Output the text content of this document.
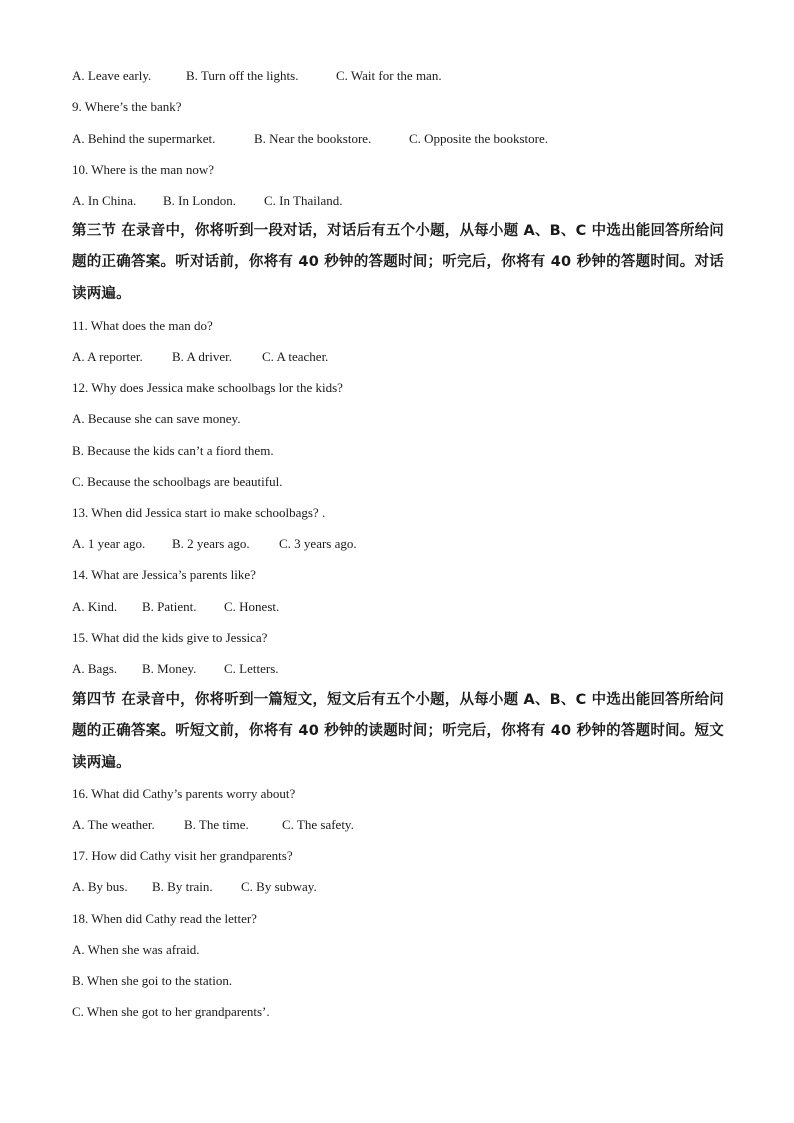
A. Leave early.	B. Turn off the lights.	C. Wait for the man.
9. Where’s the bank?
A. Behind the supermarket.	B. Near the bookstore.	C. Opposite the bookstore.
10. Where is the man now?
A. In China. B. In London. C. In Thailand.
第三节 在录音中，你将听到一段对话，对话后有五个小题，从每小题 A、B、C 中选出能回答所给问题的正确答案。听对话前，你将有 40 秒钟的答题时间；听完后，你将有 40 秒钟的答题时间。对话读两遍。
11. What does the man do?
A. A reporter. B. A driver. C. A teacher.
12. Why does Jessica make schoolbags lor the kids?
A. Because she can save money.
B. Because the kids can’t a fiord them.
C. Because the schoolbags are beautiful.
13. When did Jessica start io make schoolbags? .
A. 1 year ago. B. 2 years ago. C. 3 years ago.
14. What are Jessica’s parents like?
A. Kind. B. Patient. C. Honest.
15. What did the kids give to Jessica?
A. Bags. B. Money. C. Letters.
第四节 在录音中，你将听到一篇短文，短文后有五个小题，从每小题 A、B、C 中选出能回答所给问题的正确答案。听短文前，你将有 40 秒钟的读题时间；听完后，你将有 40 秒钟的答题时间。短文读两遍。
16. What did Cathy’s parents worry about?
A. The weather. B. The time.	C. The safety.
17. How did Cathy visit her grandparents?
A. By bus. B. By train. C. By subway.
18. When did Cathy read the letter?
A. When she was afraid.
B. When she goi to the station.
C. When she got to her grandparents’.
